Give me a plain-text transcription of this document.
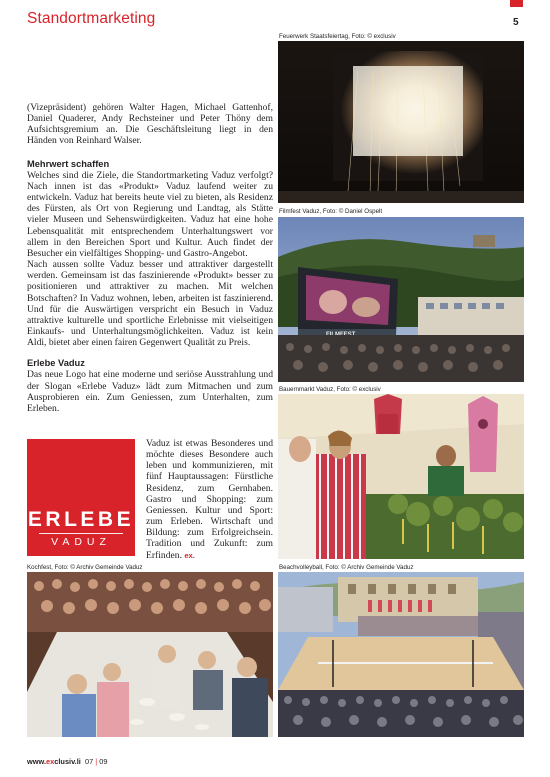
Standortmarketing	5

(Vizepräsident) gehören Walter Hagen, Michael Gattenhof, Daniel Quaderer, Andy Rechsteiner und Peter Thöny dem Aufsichtsgremium an. Die Geschäftsleitung liegt in den Händen von Reinhard Walser.

Mehrwert schaffen

Welches sind die Ziele, die Standortmarketing Vaduz verfolgt? Nach innen ist das «Produkt» Vaduz laufend weiter zu entwickeln. Vaduz hat bereits heute viel zu bieten, als Residenz des Fürsten, als Ort von Regierung und Landtag, als Stätte vieler Museen und Sehenswürdigkeiten. Vaduz hat eine hohe Lebensqualität mit entsprechendem Unterhaltungswert vor allem in den Bereichen Sport und Kultur. Auch findet der Besucher ein vielfältiges Shopping- und Gastro-Angebot.

Nach aussen sollte Vaduz besser und attraktiver dargestellt werden. Gemeinsam ist das faszinierende «Produkt» besser zu positionieren und attraktiver zu machen. Mit welchen Botschaften? In Vaduz wohnen, leben, arbeiten ist faszinierend. Und für die Auswärtigen verspricht ein Besuch in Vaduz attraktive kulturelle und sportliche Erlebnisse mit vielseitigen Einkaufs- und Unterhaltungsmöglichkeiten. Vaduz ist kein Aldi, bietet aber einen fairen Gegenwert Qualität zu Preis.

Erlebe Vaduz

Das neue Logo hat eine moderne und seriöse Ausstrahlung und der Slogan «Erlebe Vaduz» lädt zum Mitmachen und zum Ausprobieren ein. Zum Geniessen, zum Unterhalten, zum Erleben.

ERLEBE
VADUZ

Vaduz ist etwas Besonderes und möchte dieses Besondere auch leben und kommunizieren, mit fünf Hauptaussagen: Fürstliche Residenz, zum Gernhaben. Gastro und Shopping: zum Geniessen. Kultur und Sport: zum Erleben. Wirtschaft und Bildung: zum Erfolgreichsein. Tradition und Zukunft: zum Erfinden. ex.

Feuerwerk Staatsfeiertag, Foto: © exclusiv
Filmfest Vaduz, Foto: © Daniel Ospelt
Bauernmarkt Vaduz, Foto: © exclusiv
Kochfest, Foto: © Archiv Gemeinde Vaduz	Beachvolleyball, Foto: © Archiv Gemeinde Vaduz
www.exclusiv.li 07 | 09
